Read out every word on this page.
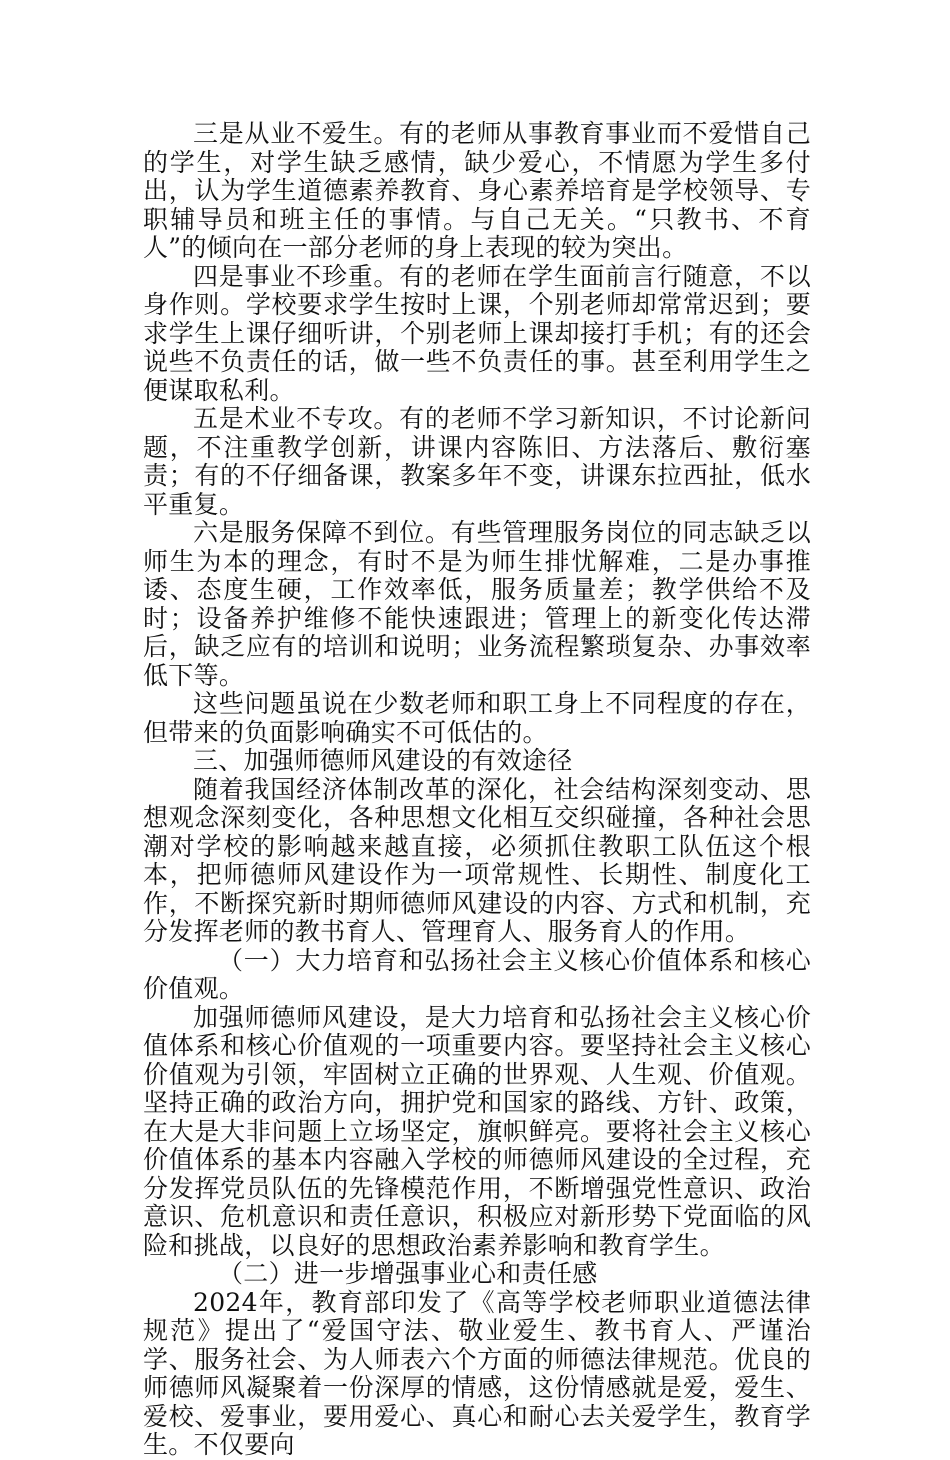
三是从业不爱生。有的老师从事教育事业而不爱惜自己的学生，对学生缺乏感情，缺少爱心，不情愿为学生多付出，认为学生道德素养教育、身心素养培育是学校领导、专职辅导员和班主任的事情。与自己无关。“只教书、不育人”的倾向在一部分老师的身上表现的较为突出。

四是事业不珍重。有的老师在学生面前言行随意，不以身作则。学校要求学生按时上课，个别老师却常常迟到；要求学生上课仔细听讲，个别老师上课却接打手机；有的还会说些不负责任的话，做一些不负责任的事。甚至利用学生之便谋取私利。

五是术业不专攻。有的老师不学习新知识，不讨论新问题，不注重教学创新，讲课内容陈旧、方法落后、敷衍塞责；有的不仔细备课，教案多年不变，讲课东拉西扯，低水平重复。

六是服务保障不到位。有些管理服务岗位的同志缺乏以师生为本的理念，有时不是为师生排忧解难，二是办事推诿、态度生硬，工作效率低，服务质量差；教学供给不及时；设备养护维修不能快速跟进；管理上的新变化传达滞后，缺乏应有的培训和说明；业务流程繁琐复杂、办事效率低下等。

这些问题虽说在少数老师和职工身上不同程度的存在，但带来的负面影响确实不可低估的。

三、加强师德师风建设的有效途径

随着我国经济体制改革的深化，社会结构深刻变动、思想观念深刻变化，各种思想文化相互交织碰撞，各种社会思潮对学校的影响越来越直接，必须抓住教职工队伍这个根本，把师德师风建设作为一项常规性、长期性、制度化工作，不断探究新时期师德师风建设的内容、方式和机制，充分发挥老师的教书育人、管理育人、服务育人的作用。

（一）大力培育和弘扬社会主义核心价值体系和核心价值观。

加强师德师风建设，是大力培育和弘扬社会主义核心价值体系和核心价值观的一项重要内容。要坚持社会主义核心价值观为引领，牢固树立正确的世界观、人生观、价值观。坚持正确的政治方向，拥护党和国家的路线、方针、政策，在大是大非问题上立场坚定，旗帜鲜亮。要将社会主义核心价值体系的基本内容融入学校的师德师风建设的全过程，充分发挥党员队伍的先锋模范作用，不断增强党性意识、政治意识、危机意识和责任意识，积极应对新形势下党面临的风险和挑战，以良好的思想政治素养影响和教育学生。

（二）进一步增强事业心和责任感

2024年，教育部印发了《高等学校老师职业道德法律规范》提出了“爱国守法、敬业爱生、教书育人、严谨治学、服务社会、为人师表六个方面的师德法律规范。优良的师德师风凝聚着一份深厚的情感，这份情感就是爱，爱生、爱校、爱事业，要用爱心、真心和耐心去关爱学生，教育学生。不仅要向
